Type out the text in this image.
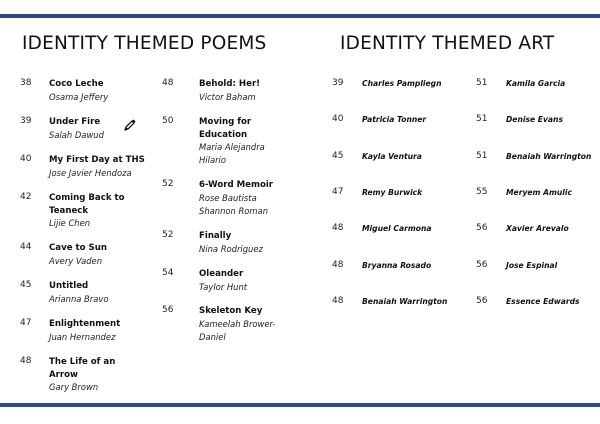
IDENTITY THEMED POEMS	IDENTITY THEMED ART
38 Coco Leche

Osama Jeffery

39 Under Fire

Salah Dawud

40 My First Day at THS

Jose Javier Hendoza

42 Coming Back to Teaneck

Lijie Chen

44 Cave to Sun

Avery Vaden

45 Untitled

Arianna Bravo

47 Enlightenment

Juan Hernandez

48 The Life of an Arrow

Gary Brown

48	Behold: Her!

Victor Baham

50	Moving for Education

Maria Alejandra Hilario

52	6-Word Memoir

Rose Bautista Shannon Roman

52	Finally

Nina Rodriguez

54	Oleander

Taylor Hunt

56	Skeleton Key

Kameelah Brower-Daniel

39 Charles Pampliegn

40 Patricia Tonner

45 Kayla Ventura

47 Remy Burwick

48 Miguel Carmona

48 Bryanna Rosado

48 Benaiah Warrington

51 Kamila Garcia

51 Denise Evans

51 Benaiah Warrington

55 Meryem Amulic

56 Xavier Arevalo

56 Jose Espinal

56 Essence Edwards
